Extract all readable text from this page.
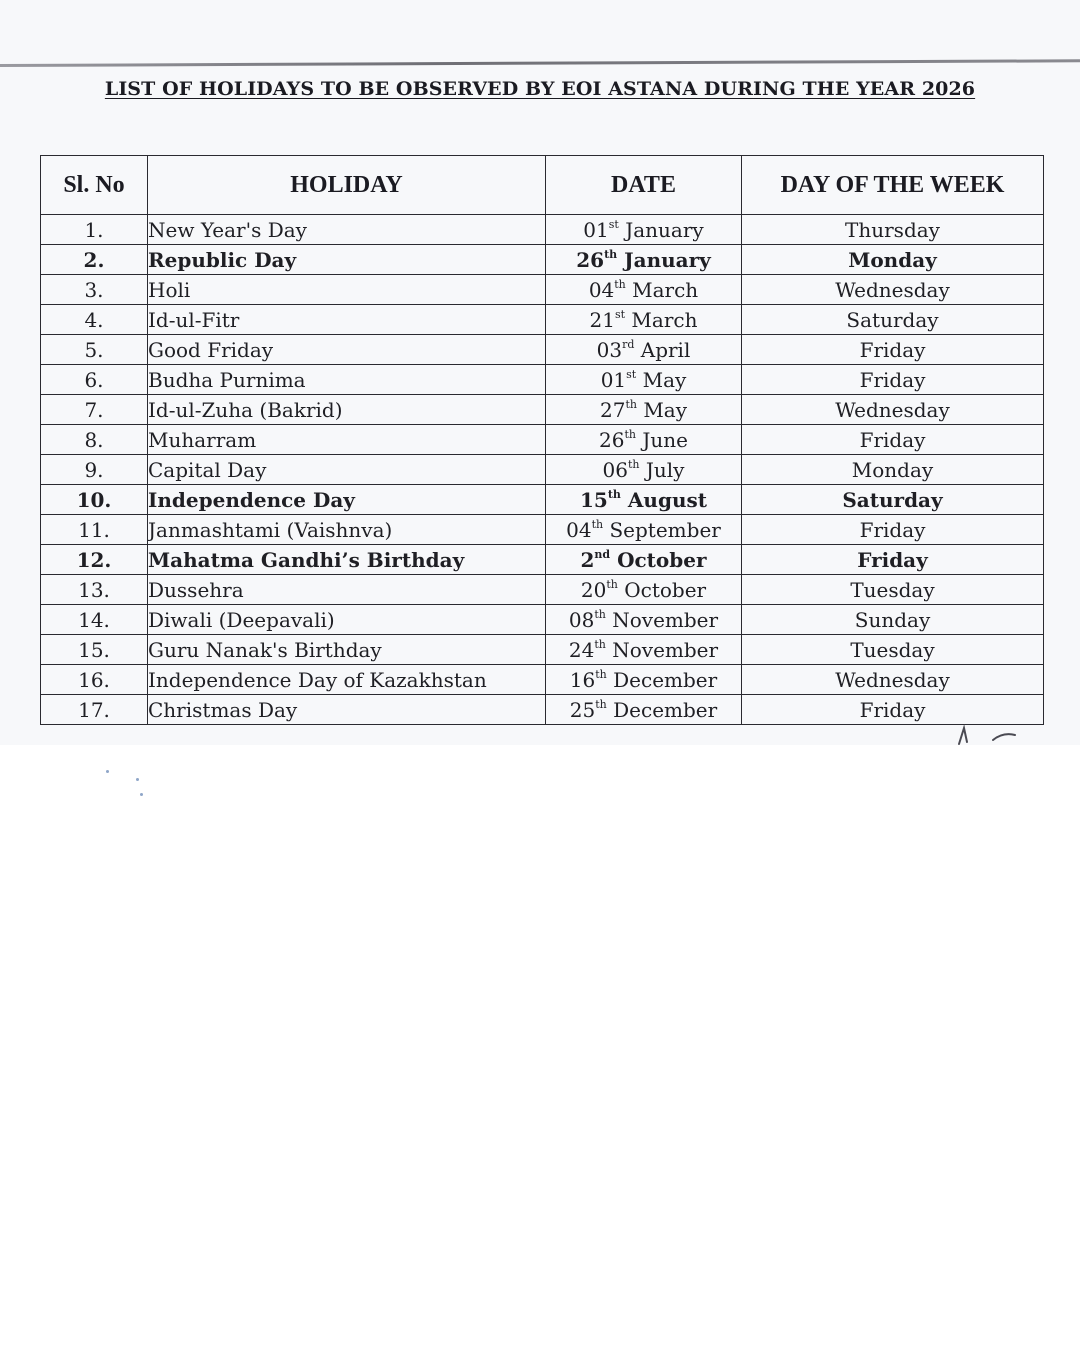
LIST OF HOLIDAYS TO BE OBSERVED BY EOI ASTANA DURING THE YEAR 2026
Sl. No	HOLIDAY	DATE	DAY OF THE WEEK
1.	New Year's Day	01st January	Thursday
2.	Republic Day	26th January	Monday
3.	Holi	04th March	Wednesday
4.	Id-ul-Fitr	21st March	Saturday
5.	Good Friday	03rd April	Friday
6.	Budha Purnima	01st May	Friday
7.	Id-ul-Zuha (Bakrid)	27th May	Wednesday
8.	Muharram	26th June	Friday
9.	Capital Day	06th July	Monday
10.	Independence Day	15th August	Saturday
11.	Janmashtami (Vaishnva)	04th September	Friday
12.	Mahatma Gandhi’s Birthday	2nd October	Friday
13.	Dussehra	20th October	Tuesday
14.	Diwali (Deepavali)	08th November	Sunday
15.	Guru Nanak's Birthday	24th November	Tuesday
16.	Independence Day of Kazakhstan	16th December	Wednesday
17.	Christmas Day	25th December	Friday
